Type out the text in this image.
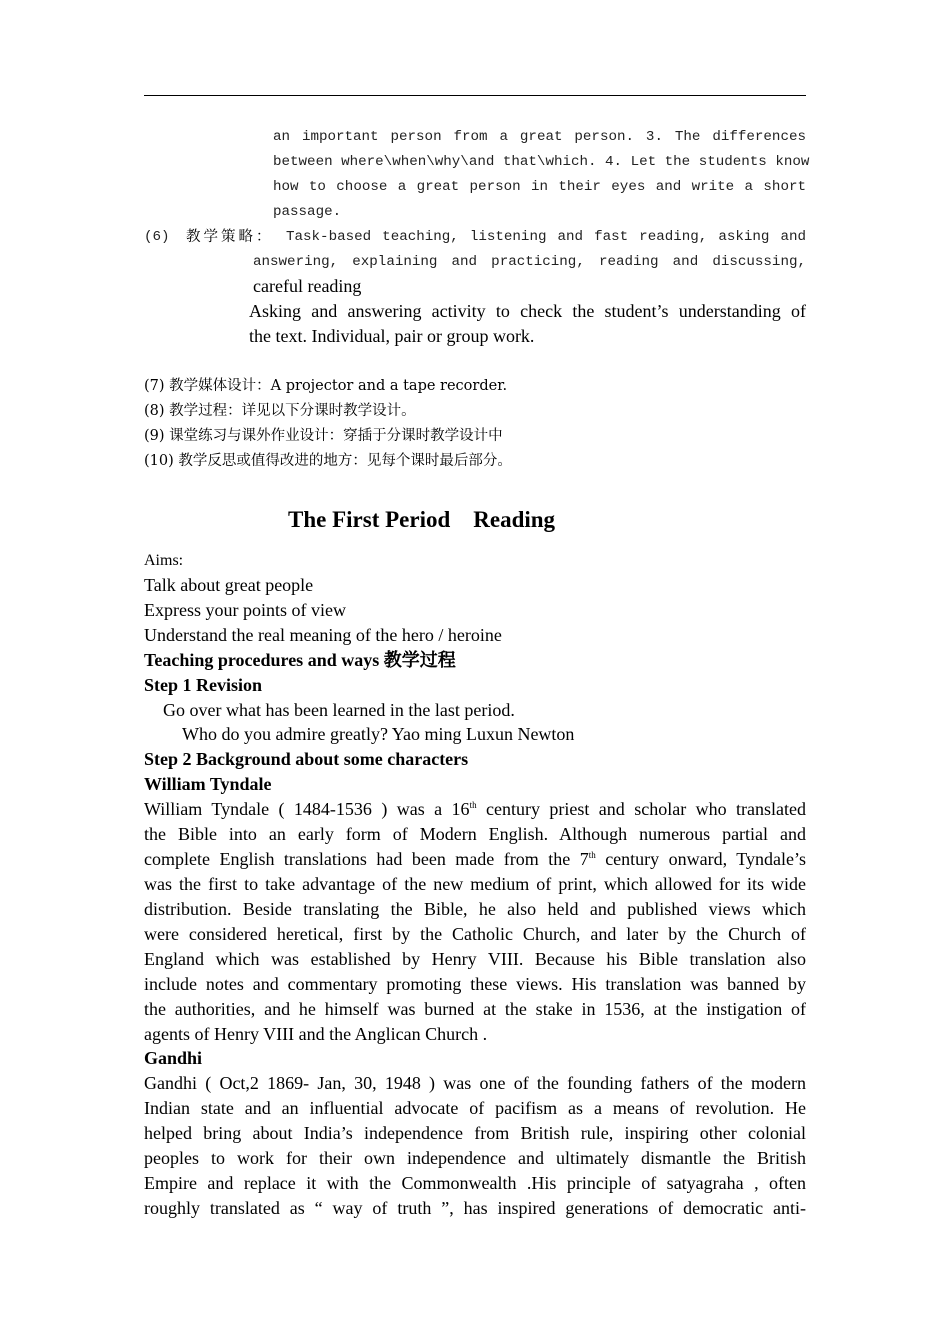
an important person from a great person. 3. The differences
between where\when\why\and that\which. 4. Let the students know
how to choose a great person in their eyes and write a short
passage.
(6) 教学策略： Task-based teaching, listening and fast reading, asking and
answering, explaining and practicing, reading and discussing,
careful reading
Asking and answering activity to check the student’s understanding of
the text. Individual, pair or group work.
(7) 教学媒体设计：A projector and a tape recorder.
(8) 教学过程：详见以下分课时教学设计。
(9) 课堂练习与课外作业设计：穿插于分课时教学设计中
(10) 教学反思或值得改进的地方：见每个课时最后部分。
The First Period    Reading
Aims:
Talk about great people
Express your points of view
Understand the real meaning of the hero / heroine
Teaching procedures and ways 教学过程
Step 1 Revision
Go over what has been learned in the last period.
Who do you admire greatly? Yao ming Luxun Newton
Step 2 Background about some characters
William Tyndale
William Tyndale ( 1484-1536 ) was a 16th century priest and scholar who translated
the Bible into an early form of Modern English. Although numerous partial and
complete English translations had been made from the 7th century onward, Tyndale’s
was the first to take advantage of the new medium of print, which allowed for its wide
distribution. Beside translating the Bible, he also held and published views which
were considered heretical, first by the Catholic Church, and later by the Church of
England which was established by Henry VIII. Because his Bible translation also
include notes and commentary promoting these views. His translation was banned by
the authorities, and he himself was burned at the stake in 1536, at the instigation of
agents of Henry VIII and the Anglican Church .
Gandhi
Gandhi ( Oct,2 1869- Jan, 30, 1948 ) was one of the founding fathers of the modern
Indian state and an influential advocate of pacifism as a means of revolution. He
helped bring about India’s independence from British rule, inspiring other colonial
peoples to work for their own independence and ultimately dismantle the British
Empire and replace it with the Commonwealth .His principle of satyagraha , often
roughly translated as “ way of truth ”, has inspired generations of democratic anti-
